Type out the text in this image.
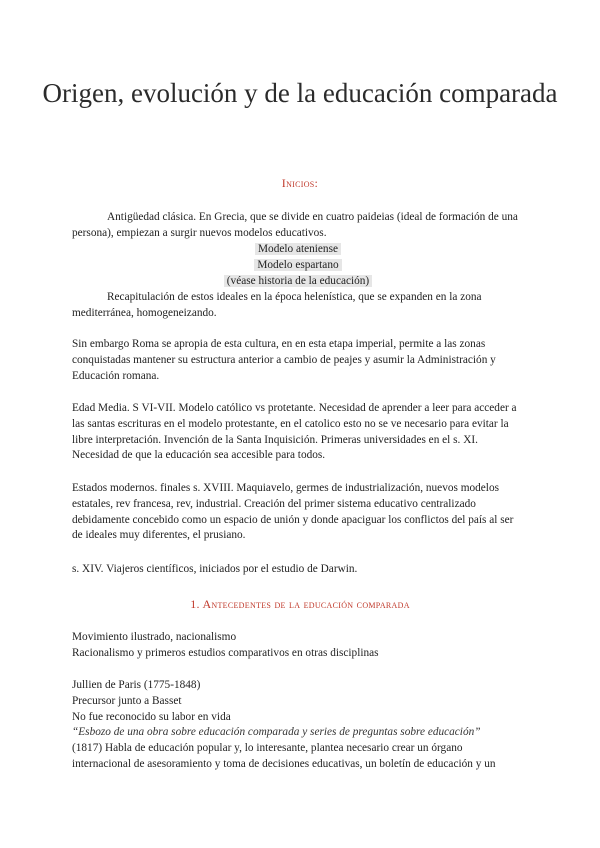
Origen, evolución y de la educación comparada
Inicios:

Antigüedad clásica. En Grecia, que se divide en cuatro paideias (ideal de formación de una persona), empiezan a surgir nuevos modelos educativos.

Modelo ateniense
Modelo espartano
(véase historia de la educación)

Recapitulación de estos ideales en la época helenística, que se expanden en la zona mediterránea, homogeneizando.

Sin embargo Roma se apropia de esta cultura, en en esta etapa imperial, permite a las zonas conquistadas mantener su estructura anterior a cambio de peajes y asumir la Administración y Educación romana.

Edad Media. S VI-VII. Modelo católico vs protetante. Necesidad de aprender a leer para acceder a las santas escrituras en el modelo protestante, en el catolico esto no se ve necesario para evitar la libre interpretación. Invención de la Santa Inquisición. Primeras universidades en el s. XI. Necesidad de que la educación sea accesible para todos.

Estados modernos. finales s. XVIII. Maquiavelo, germes de industrialización, nuevos modelos estatales, rev francesa, rev, industrial. Creación del primer sistema educativo centralizado debidamente concebido como un espacio de unión y donde apaciguar los conflictos del país al ser de ideales muy diferentes, el prusiano.

s. XIV. Viajeros científicos, iniciados por el estudio de Darwin.

1. Antecedentes de la educación comparada
Movimiento ilustrado, nacionalismo
Racionalismo y primeros estudios comparativos en otras disciplinas
Jullien de Paris (1775-1848)
Precursor junto a Basset
No fue reconocido su labor en vida
“Esbozo de una obra sobre educación comparada y series de preguntas sobre educación”
(1817) Habla de educación popular y, lo interesante, plantea necesario crear un órgano internacional de asesoramiento y toma de decisiones educativas, un boletín de educación y un
